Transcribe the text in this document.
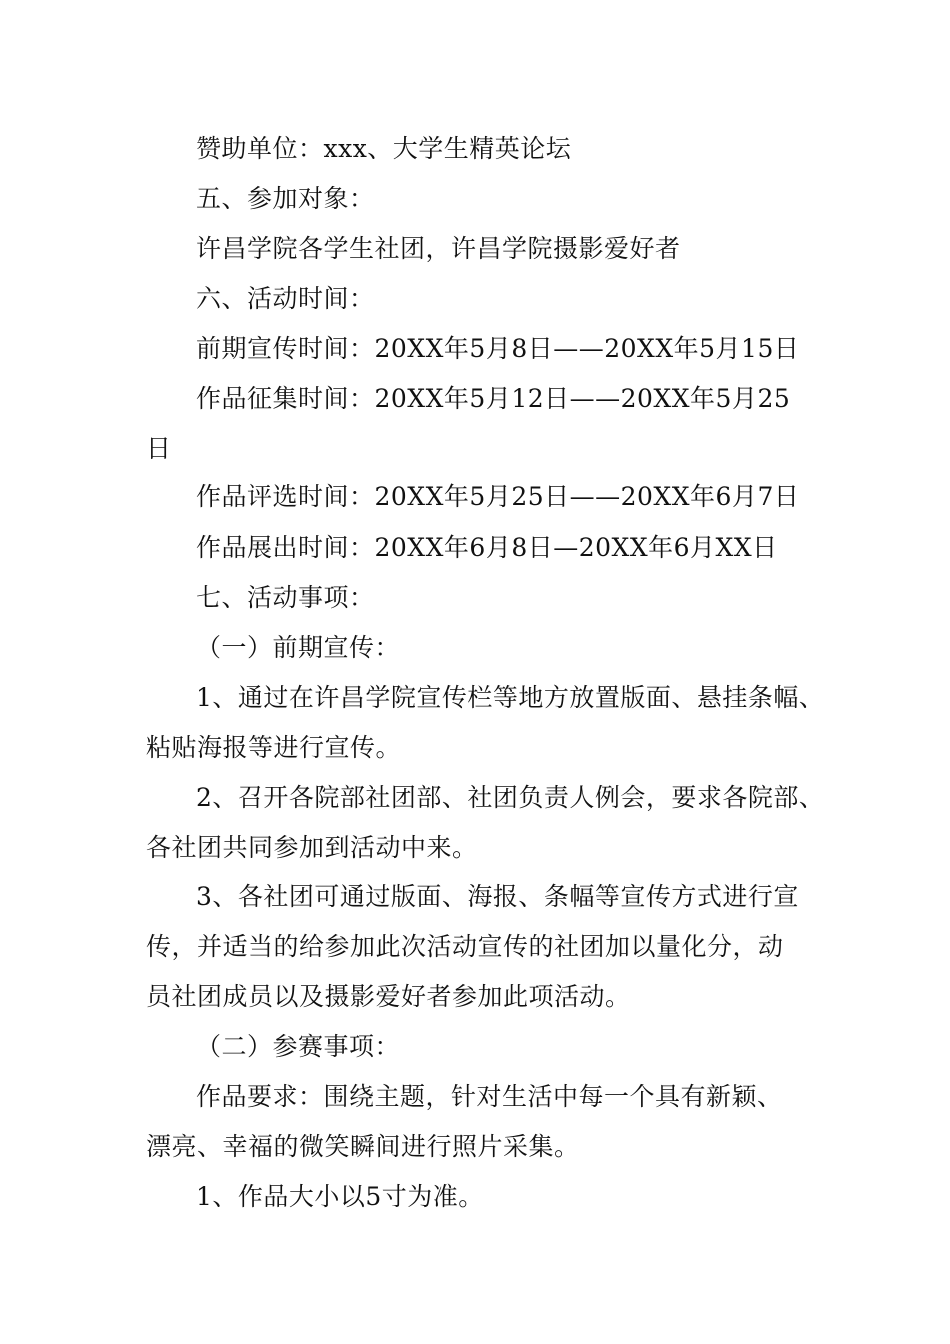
赞助单位：xxx、大学生精英论坛
五、参加对象：
许昌学院各学生社团，许昌学院摄影爱好者
六、活动时间：
前期宣传时间：20XX年5月8日——20XX年5月15日
作品征集时间：20XX年5月12日——20XX年5月25
日
作品评选时间：20XX年5月25日——20XX年6月7日
作品展出时间：20XX年6月8日—20XX年6月XX日
七、活动事项：
（一）前期宣传：
1、通过在许昌学院宣传栏等地方放置版面、悬挂条幅、
粘贴海报等进行宣传。
2、召开各院部社团部、社团负责人例会，要求各院部、
各社团共同参加到活动中来。
3、各社团可通过版面、海报、条幅等宣传方式进行宣
传，并适当的给参加此次活动宣传的社团加以量化分，动
员社团成员以及摄影爱好者参加此项活动。
（二）参赛事项：
作品要求：围绕主题，针对生活中每一个具有新颖、
漂亮、幸福的微笑瞬间进行照片采集。
1、作品大小以5寸为准。
